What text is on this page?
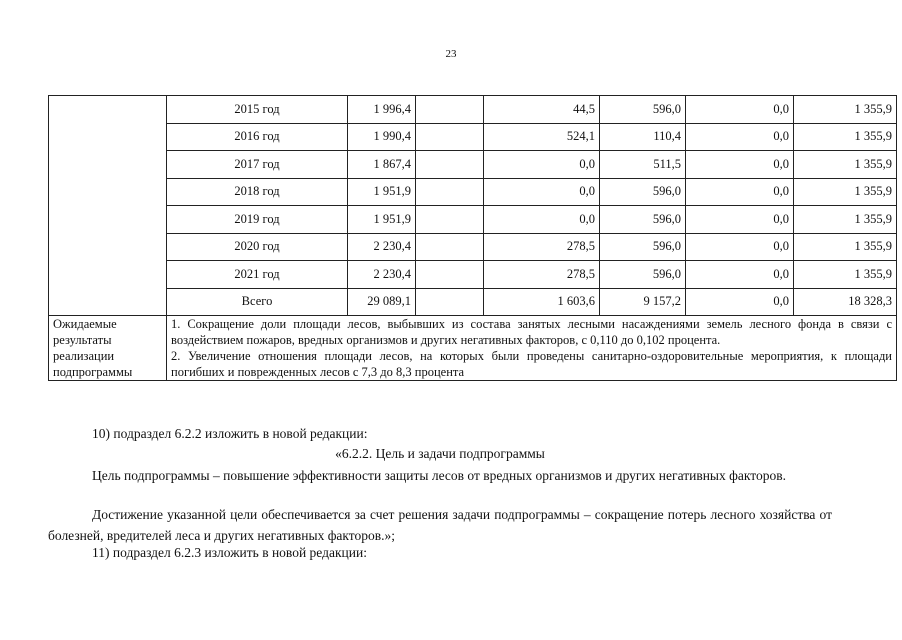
23
	2015 год	1 996,4		44,5	596,0	0,0	1 355,9
	2016 год	1 990,4		524,1	110,4	0,0	1 355,9
	2017 год	1 867,4		0,0	511,5	0,0	1 355,9
	2018 год	1 951,9		0,0	596,0	0,0	1 355,9
	2019 год	1 951,9		0,0	596,0	0,0	1 355,9
	2020 год	2 230,4		278,5	596,0	0,0	1 355,9
	2021 год	2 230,4		278,5	596,0	0,0	1 355,9
	Всего	29 089,1		1 603,6	9 157,2	0,0	18 328,3
Ожидаемые результаты реализации подпрограммы	1. Сокращение доли площади лесов, выбывших из состава занятых лесными насаждениями земель лесного фонда в связи с воздействием пожаров, вредных организмов и других негативных факторов, с 0,110 до 0,102 процента.
2. Увеличение отношения площади лесов, на которых были проведены санитарно-оздоровительные мероприятия, к площади погибших и поврежденных лесов с 7,3 до 8,3 процента						
10) подраздел 6.2.2 изложить в новой редакции:
«6.2.2. Цель и задачи подпрограммы
Цель подпрограммы – повышение эффективности защиты лесов от вредных организмов и других негативных факторов.
Достижение указанной цели обеспечивается за счет решения задачи подпрограммы – сокращение потерь лесного хозяйства от болезней, вредителей леса и других негативных факторов.»;
11) подраздел 6.2.3 изложить в новой редакции:
